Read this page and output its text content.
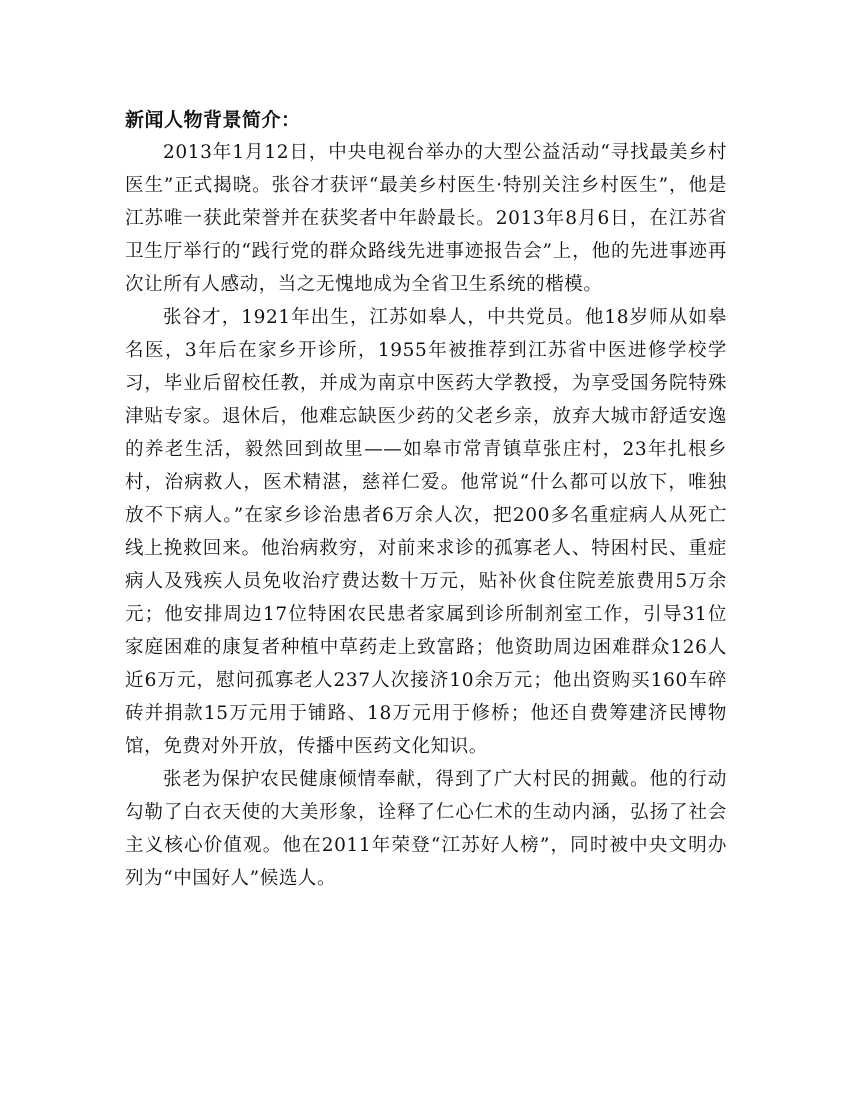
新闻人物背景简介：

2013年1月12日，中央电视台举办的大型公益活动“寻找最美乡村医生”正式揭晓。张谷才获评“最美乡村医生·特别关注乡村医生”，他是江苏唯一获此荣誉并在获奖者中年龄最长。2013年8月6日，在江苏省卫生厅举行的“践行党的群众路线先进事迹报告会”上，他的先进事迹再次让所有人感动，当之无愧地成为全省卫生系统的楷模。

张谷才，1921年出生，江苏如皋人，中共党员。他18岁师从如皋名医，3年后在家乡开诊所，1955年被推荐到江苏省中医进修学校学习，毕业后留校任教，并成为南京中医药大学教授，为享受国务院特殊津贴专家。退休后，他难忘缺医少药的父老乡亲，放弃大城市舒适安逸的养老生活，毅然回到故里——如皋市常青镇草张庄村，23年扎根乡村，治病救人，医术精湛，慈祥仁爱。他常说“什么都可以放下，唯独放不下病人。”在家乡诊治患者6万余人次，把200多名重症病人从死亡线上挽救回来。他治病救穷，对前来求诊的孤寡老人、特困村民、重症病人及残疾人员免收治疗费达数十万元，贴补伙食住院差旅费用5万余元；他安排周边17位特困农民患者家属到诊所制剂室工作，引导31位家庭困难的康复者种植中草药走上致富路；他资助周边困难群众126人近6万元，慰问孤寡老人237人次接济10余万元；他出资购买160车碎砖并捐款15万元用于铺路、18万元用于修桥；他还自费筹建济民博物馆，免费对外开放，传播中医药文化知识。

张老为保护农民健康倾情奉献，得到了广大村民的拥戴。他的行动勾勒了白衣天使的大美形象，诠释了仁心仁术的生动内涵，弘扬了社会主义核心价值观。他在2011年荣登“江苏好人榜”，同时被中央文明办列为“中国好人”候选人。
